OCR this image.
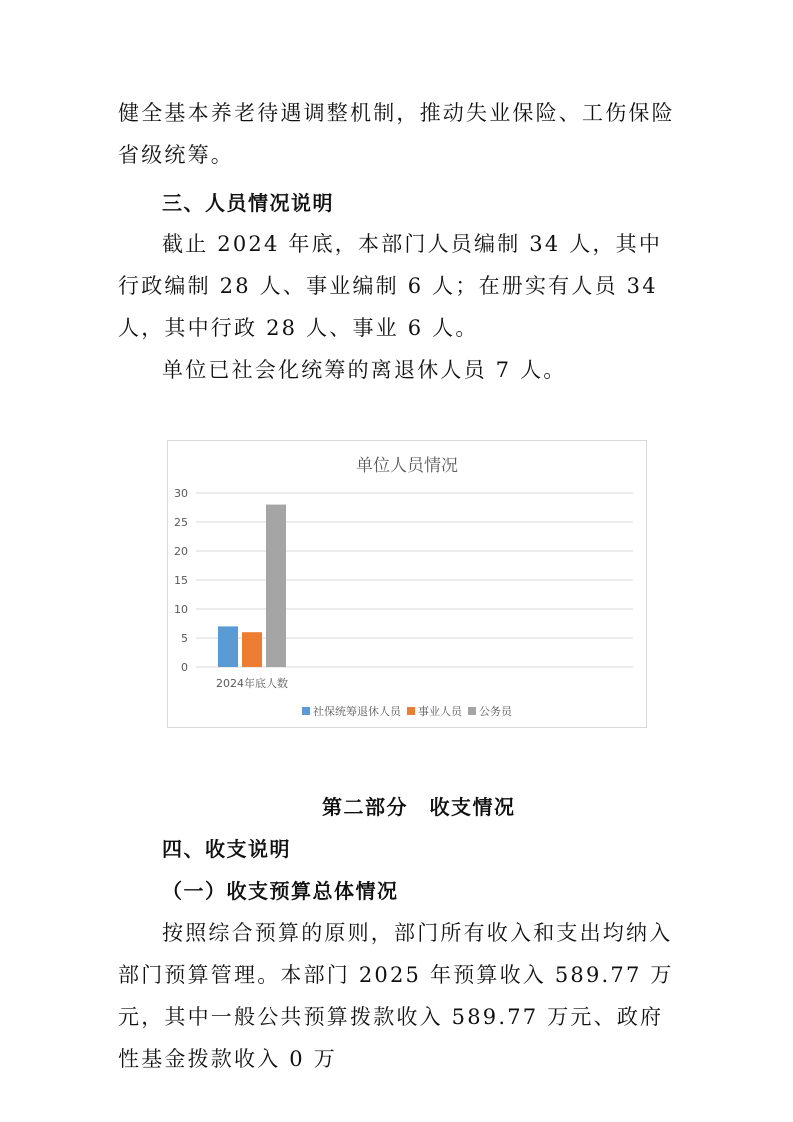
健全基本养老待遇调整机制，推动失业保险、工伤保险省级统筹。

三、人员情况说明

截止 2024 年底，本部门人员编制 34 人，其中行政编制 28 人、事业编制 6 人；在册实有人员 34 人，其中行政 28 人、事业 6 人。

单位已社会化统筹的离退休人员 7 人。

单位人员情况
0
5
10
15
20
25
30
2024年底人数
社保统筹退休人员 事业人员 公务员

第二部分　收支情况

四、收支说明

（一）收支预算总体情况

按照综合预算的原则，部门所有收入和支出均纳入部门预算管理。本部门 2025 年预算收入 589.77 万元，其中一般公共预算拨款收入 589.77 万元、政府性基金拨款收入 0 万
